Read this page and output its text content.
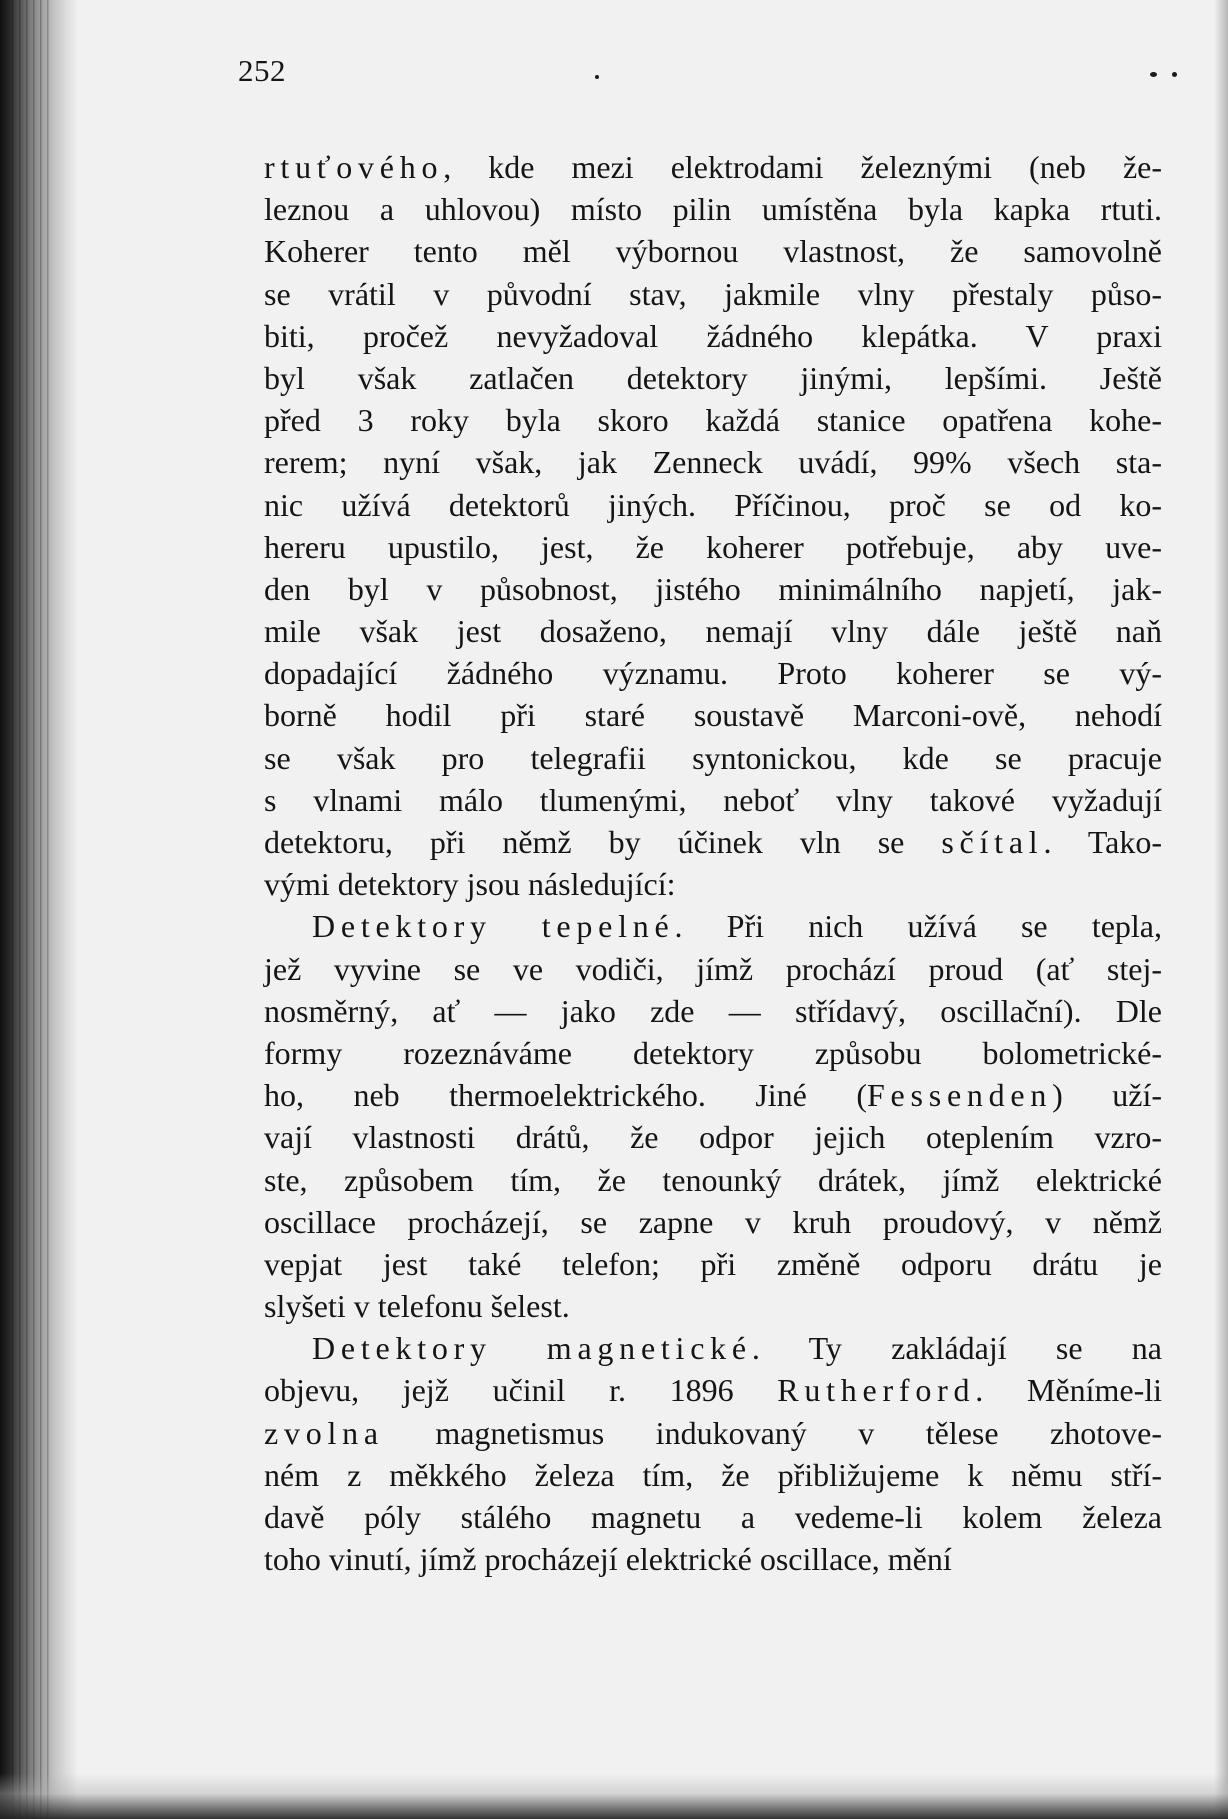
252
rtuťového, kde mezi elektrodami železnými (neb že-
leznou a uhlovou) místo pilin umístěna byla kapka rtuti.
Koherer tento měl výbornou vlastnost, že samovolně
se vrátil v původní stav, jakmile vlny přestaly půso-
biti, pročež nevyžadoval žádného klepátka. V praxi
byl však zatlačen detektory jinými, lepšími. Ještě
před 3 roky byla skoro každá stanice opatřena kohe-
rerem; nyní však, jak Zenneck uvádí, 99% všech sta-
nic užívá detektorů jiných. Příčinou, proč se od ko-
hereru upustilo, jest, že koherer potřebuje, aby uve-
den byl v působnost, jistého minimálního napjetí, jak-
mile však jest dosaženo, nemají vlny dále ještě naň
dopadající žádného významu. Proto koherer se vý-
borně hodil při staré soustavě Marconi-ově, nehodí
se však pro telegrafii syntonickou, kde se pracuje
s vlnami málo tlumenými, neboť vlny takové vyžadují
detektoru, při němž by účinek vln se sčítal. Tako-
vými detektory jsou následující:
Detektory tepelné. Při nich užívá se tepla,
jež vyvine se ve vodiči, jímž prochází proud (ať stej-
nosměrný, ať — jako zde — střídavý, oscillační). Dle
formy rozeznáváme detektory způsobu bolometrické-
ho, neb thermoelektrického. Jiné (Fessenden) uží-
vají vlastnosti drátů, že odpor jejich oteplením vzro-
ste, způsobem tím, že tenounký drátek, jímž elektrické
oscillace procházejí, se zapne v kruh proudový, v němž
vepjat jest také telefon; při změně odporu drátu je
slyšeti v telefonu šelest.
Detektory magnetické. Ty zakládají se na
objevu, jejž učinil r. 1896 Rutherford. Měníme-li
zvolna magnetismus indukovaný v tělese zhotove-
ném z měkkého železa tím, že přibližujeme k němu stří-
davě póly stálého magnetu a vedeme-li kolem železa
toho vinutí, jímž procházejí elektrické oscillace, mění
